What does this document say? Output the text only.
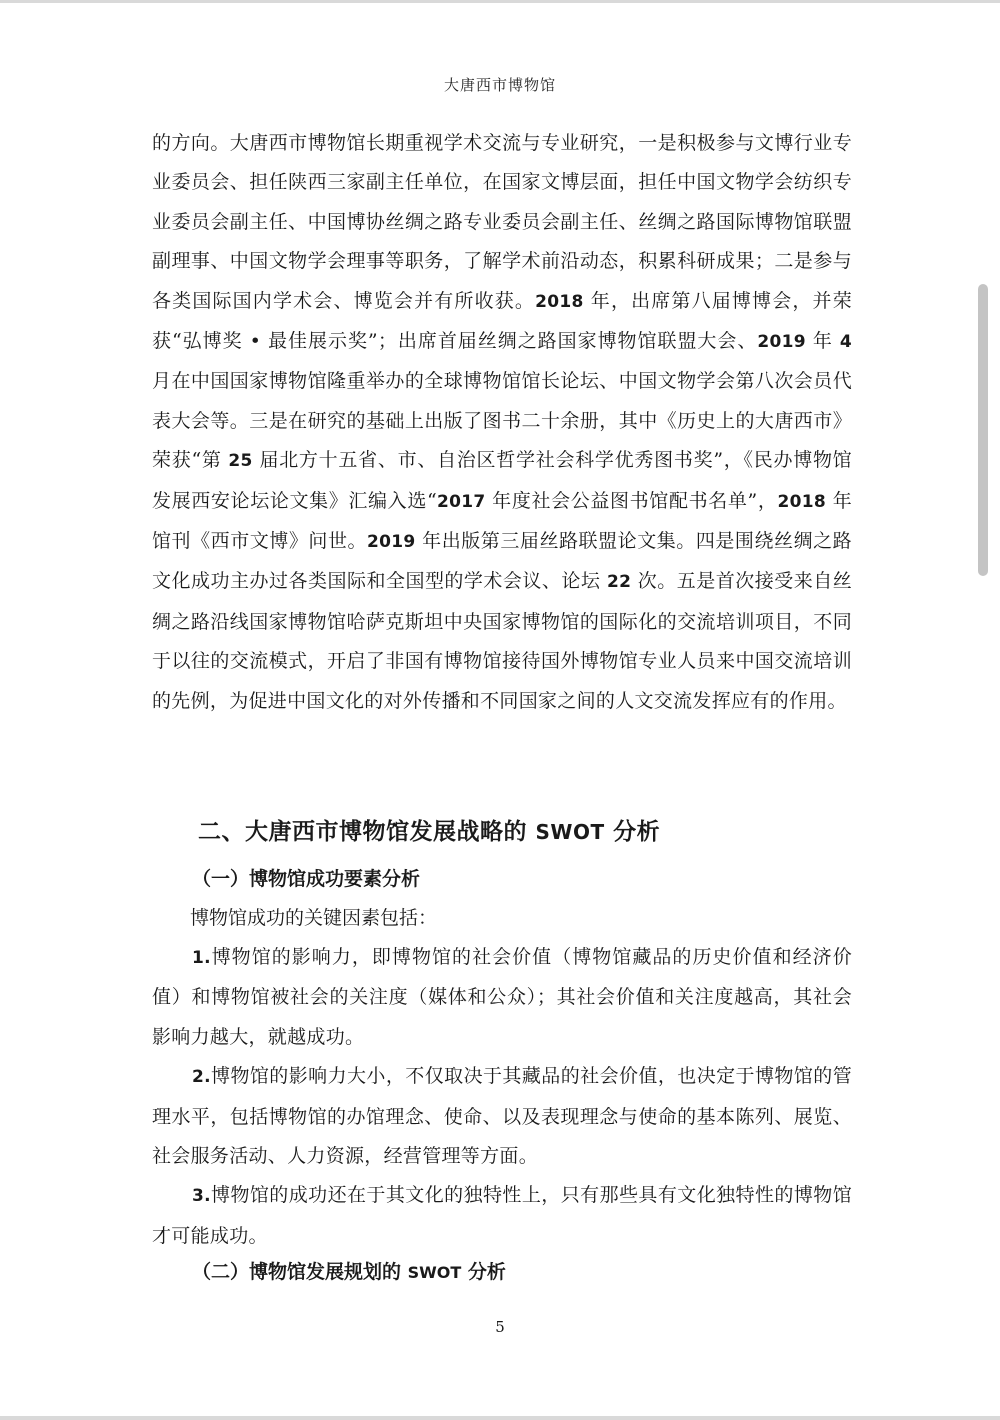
大唐西市博物馆

的方向。大唐西市博物馆长期重视学术交流与专业研究，一是积极参与文博行业专业委员会、担任陕西三家副主任单位，在国家文博层面，担任中国文物学会纺织专业委员会副主任、中国博协丝绸之路专业委员会副主任、丝绸之路国际博物馆联盟副理事、中国文物学会理事等职务，了解学术前沿动态，积累科研成果；二是参与各类国际国内学术会、博览会并有所收获。2018 年，出席第八届博博会，并荣获“弘博奖 • 最佳展示奖”；出席首届丝绸之路国家博物馆联盟大会、2019 年 4 月在中国国家博物馆隆重举办的全球博物馆馆长论坛、中国文物学会第八次会员代表大会等。三是在研究的基础上出版了图书二十余册，其中《历史上的大唐西市》荣获“第 25 届北方十五省、市、自治区哲学社会科学优秀图书奖”，《民办博物馆发展西安论坛论文集》汇编入选“2017 年度社会公益图书馆配书名单”，2018 年馆刊《西市文博》问世。2019 年出版第三届丝路联盟论文集。四是围绕丝绸之路文化成功主办过各类国际和全国型的学术会议、论坛 22 次。五是首次接受来自丝绸之路沿线国家博物馆哈萨克斯坦中央国家博物馆的国际化的交流培训项目，不同于以往的交流模式，开启了非国有博物馆接待国外博物馆专业人员来中国交流培训的先例，为促进中国文化的对外传播和不同国家之间的人文交流发挥应有的作用。

二、大唐西市博物馆发展战略的 SWOT 分析
（一）博物馆成功要素分析
博物馆成功的关键因素包括：

1.博物馆的影响力，即博物馆的社会价值（博物馆藏品的历史价值和经济价值）和博物馆被社会的关注度（媒体和公众）；其社会价值和关注度越高，其社会影响力越大，就越成功。

2.博物馆的影响力大小，不仅取决于其藏品的社会价值，也决定于博物馆的管理水平，包括博物馆的办馆理念、使命、以及表现理念与使命的基本陈列、展览、社会服务活动、人力资源，经营管理等方面。

3.博物馆的成功还在于其文化的独特性上，只有那些具有文化独特性的博物馆才可能成功。

（二）博物馆发展规划的 SWOT 分析
5
